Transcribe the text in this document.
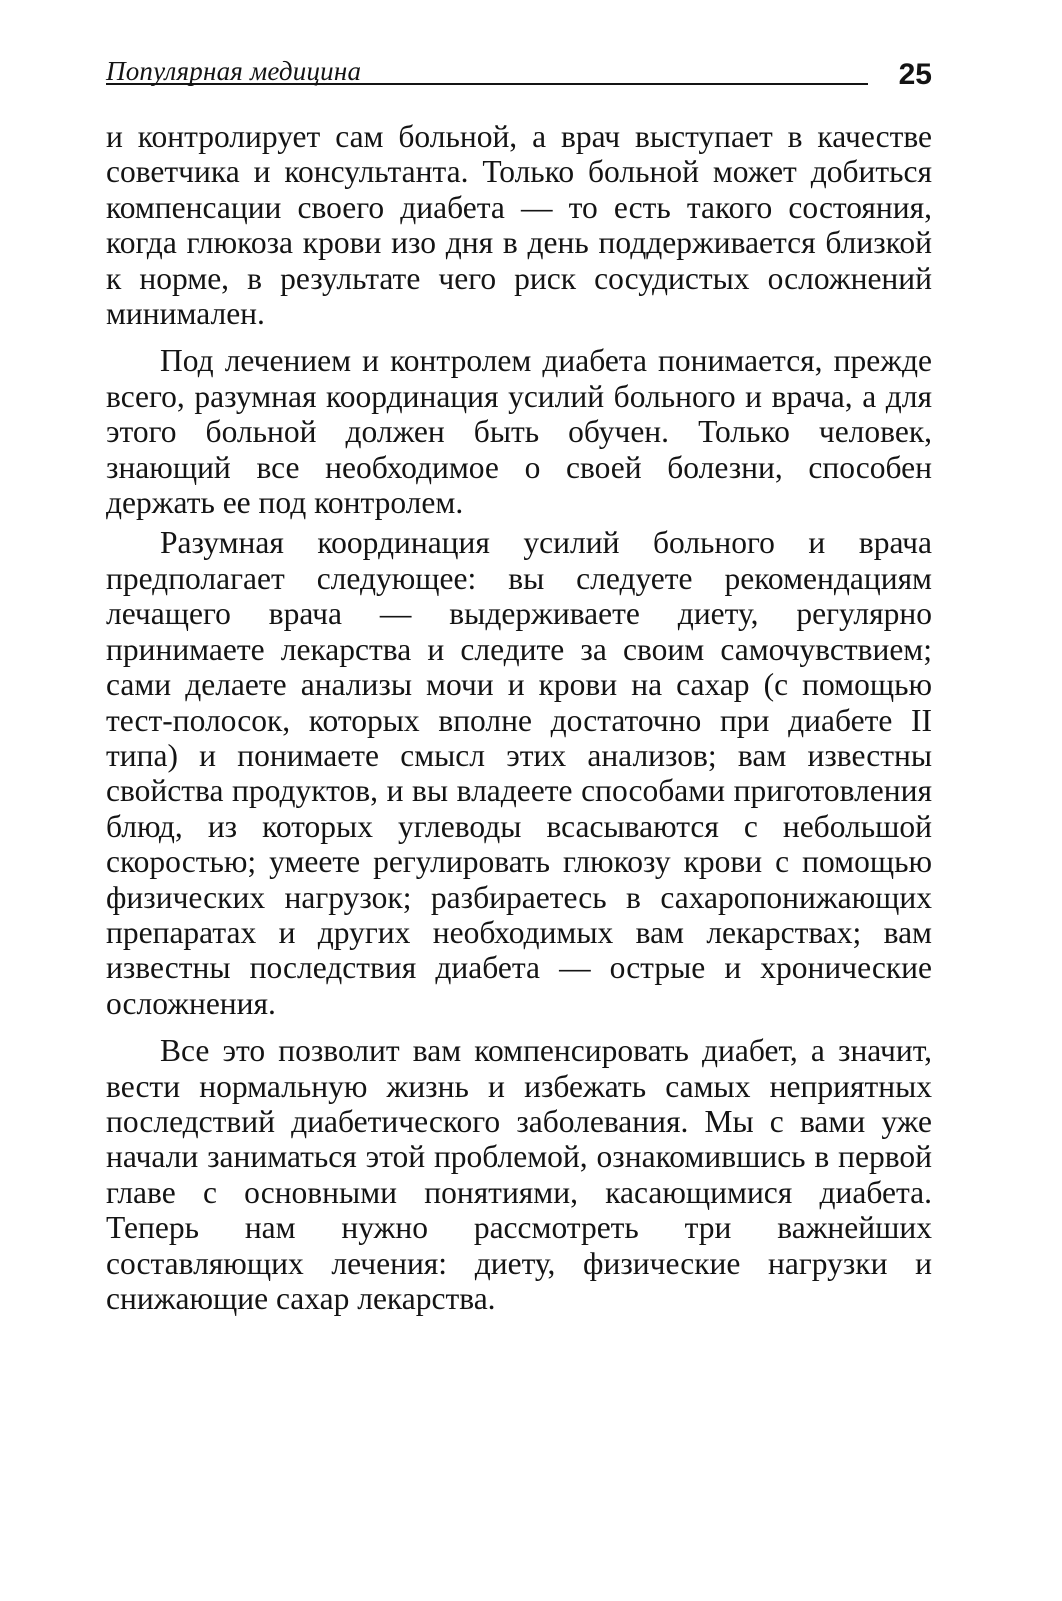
Популярная медицина	25

и контролирует сам больной, а врач выступает в качестве советчика и консультанта. Только больной может добиться компенсации своего диабета — то есть такого состояния, когда глюкоза крови изо дня в день поддерживается близкой к норме, в результате чего риск сосудистых осложнений минимален.

Под лечением и контролем диабета понимается, прежде всего, разумная координация усилий больного и врача, а для этого больной должен быть обучен. Только человек, знающий все необходимое о своей болезни, способен держать ее под контролем.

Разумная координация усилий больного и врача предполагает следующее: вы следуете рекомендациям лечащего врача — выдерживаете диету, регулярно принимаете лекарства и следите за своим самочувствием; сами делаете анализы мочи и крови на сахар (с помощью тест-полосок, которых вполне достаточно при диабете II типа) и понимаете смысл этих анализов; вам известны свойства продуктов, и вы владеете способами приготовления блюд, из которых углеводы всасываются с небольшой скоростью; умеете регулировать глюкозу крови с помощью физических нагрузок; разбираетесь в сахаропонижающих препаратах и других необходимых вам лекарствах; вам известны последствия диабета — острые и хронические осложнения.

Все это позволит вам компенсировать диабет, а значит, вести нормальную жизнь и избежать самых неприятных последствий диабетического заболевания. Мы с вами уже начали заниматься этой проблемой, ознакомившись в первой главе с основными понятиями, касающимися диабета. Теперь нам нужно рассмотреть три важнейших составляющих лечения: диету, физические нагрузки и снижающие сахар лекарства.
